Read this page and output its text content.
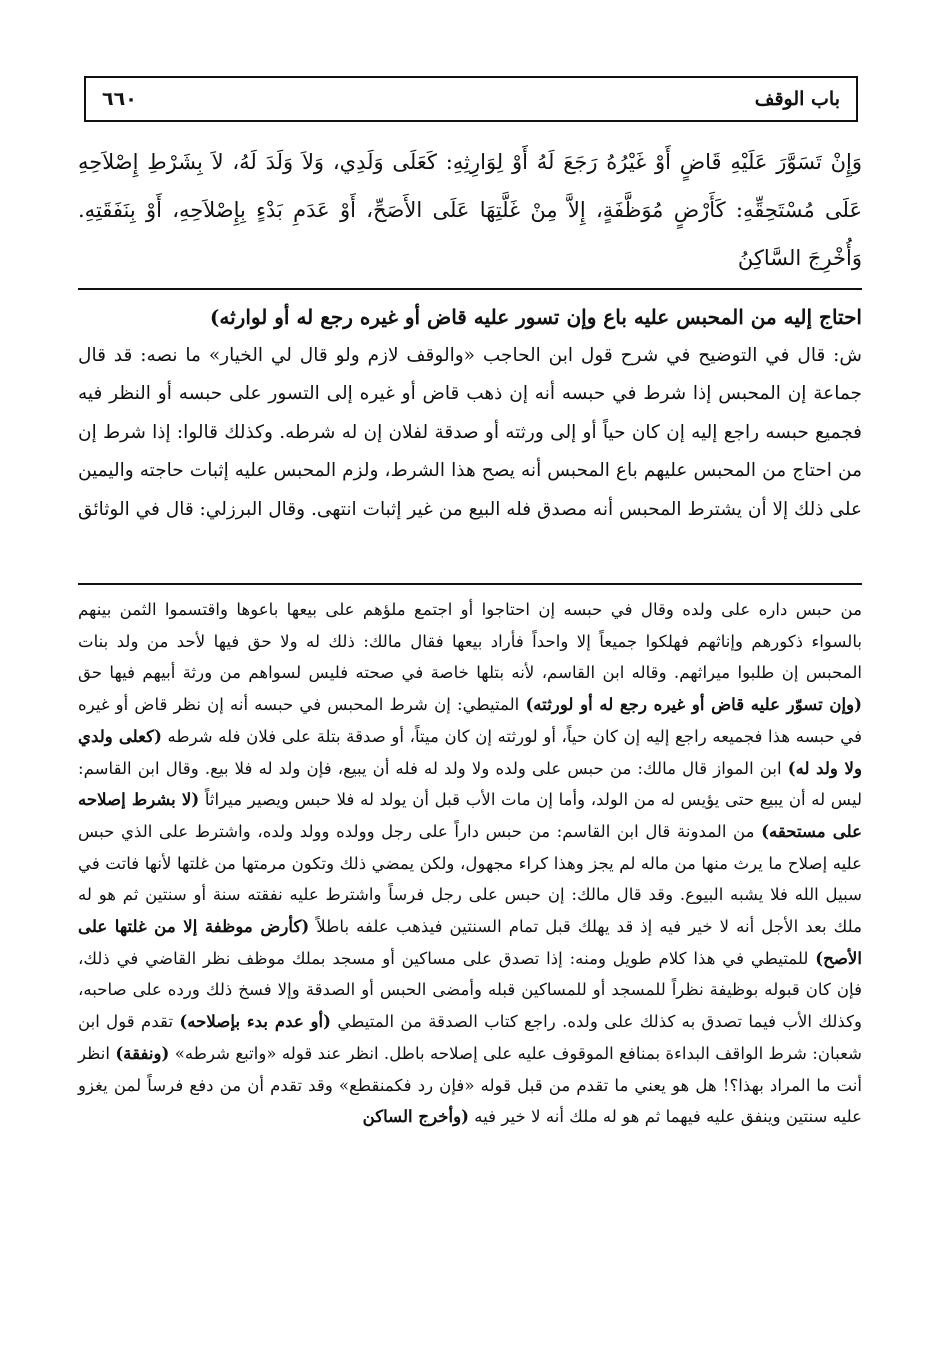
باب الوقف
٦٦٠
وَإِنْ تَسَوَّرَ عَلَيْهِ قَاضٍ أَوْ غَيْرُهُ رَجَعَ لَهُ أَوْ لِوَارِثِهِ: كَعَلَى وَلَدِي، وَلاَ وَلَدَ لَهُ، لاَ بِشَرْطِ إِصْلاَحِهِ عَلَى مُسْتَحِقِّهِ: كَأَرْضٍ مُوَظَّفَةٍ، إِلاَّ مِنْ غَلَّتِهَا عَلَى الأَصَحِّ، أَوْ عَدَمِ بَدْءٍ بِإِصْلاَحِهِ، أَوْ بِنَفَقَتِهِ. وَأُخْرِجَ السَّاكِنُ

احتاج إليه من المحبس عليه باع وإن تسور عليه قاض أو غيره رجع له أو لوارثه)

ش: قال في التوضيح في شرح قول ابن الحاجب «والوقف لازم ولو قال لي الخيار» ما نصه: قد قال جماعة إن المحبس إذا شرط في حبسه أنه إن ذهب قاض أو غيره إلى التسور على حبسه أو النظر فيه فجميع حبسه راجع إليه إن كان حياً أو إلى ورثته أو صدقة لفلان إن له شرطه. وكذلك قالوا: إذا شرط إن من احتاج من المحبس عليهم باع المحبس أنه يصح هذا الشرط، ولزم المحبس عليه إثبات حاجته واليمين على ذلك إلا أن يشترط المحبس أنه مصدق فله البيع من غير إثبات انتهى. وقال البرزلي: قال في الوثائق

من حبس داره على ولده وقال في حبسه إن احتاجوا أو اجتمع ملؤهم على بيعها باعوها واقتسموا الثمن بينهم بالسواء ذكورهم وإناثهم فهلكوا جميعاً إلا واحداً فأراد بيعها فقال مالك: ذلك له ولا حق فيها لأحد من ولد بنات المحبس إن طلبوا ميراثهم. وقاله ابن القاسم، لأنه بتلها خاصة في صحته فليس لسواهم من ورثة أبيهم فيها حق (وإن تسوّر عليه قاض أو غيره رجع له أو لورثته) المتيطي: إن شرط المحبس في حبسه أنه إن نظر قاض أو غيره في حبسه هذا فجميعه راجع إليه إن كان حياً، أو لورثته إن كان ميتاً، أو صدقة بتلة على فلان فله شرطه (كعلى ولدي ولا ولد له) ابن المواز قال مالك: من حبس على ولده ولا ولد له فله أن يبيع، فإن ولد له فلا بيع. وقال ابن القاسم: ليس له أن يبيع حتى يؤيس له من الولد، وأما إن مات الأب قبل أن يولد له فلا حبس ويصير ميراثاً (لا بشرط إصلاحه على مستحقه) من المدونة قال ابن القاسم: من حبس داراً على رجل وولده وولد ولده، واشترط على الذي حبس عليه إصلاح ما يرث منها من ماله لم يجز وهذا كراء مجهول، ولكن يمضي ذلك وتكون مرمتها من غلتها لأنها فاتت في سبيل الله فلا يشبه البيوع. وقد قال مالك: إن حبس على رجل فرساً واشترط عليه نفقته سنة أو سنتين ثم هو له ملك بعد الأجل أنه لا خير فيه إذ قد يهلك قبل تمام السنتين فيذهب علفه باطلاً (كأرض موظفة إلا من غلتها على الأصح) للمتيطي في هذا كلام طويل ومنه: إذا تصدق على مساكين أو مسجد بملك موظف نظر القاضي في ذلك، فإن كان قبوله بوظيفة نظراً للمسجد أو للمساكين قبله وأمضى الحبس أو الصدقة وإلا فسخ ذلك ورده على صاحبه، وكذلك الأب فيما تصدق به كذلك على ولده. راجع كتاب الصدقة من المتيطي (أو عدم بدء بإصلاحه) تقدم قول ابن شعبان: شرط الواقف البداءة بمنافع الموقوف عليه على إصلاحه باطل. انظر عند قوله «واتبع شرطه» (ونفقة) انظر أنت ما المراد بهذا؟! هل هو يعني ما تقدم من قبل قوله «فإن رد فكمنقطع» وقد تقدم أن من دفع فرساً لمن يغزو عليه سنتين وينفق عليه فيهما ثم هو له ملك أنه لا خير فيه (وأخرج الساكن
